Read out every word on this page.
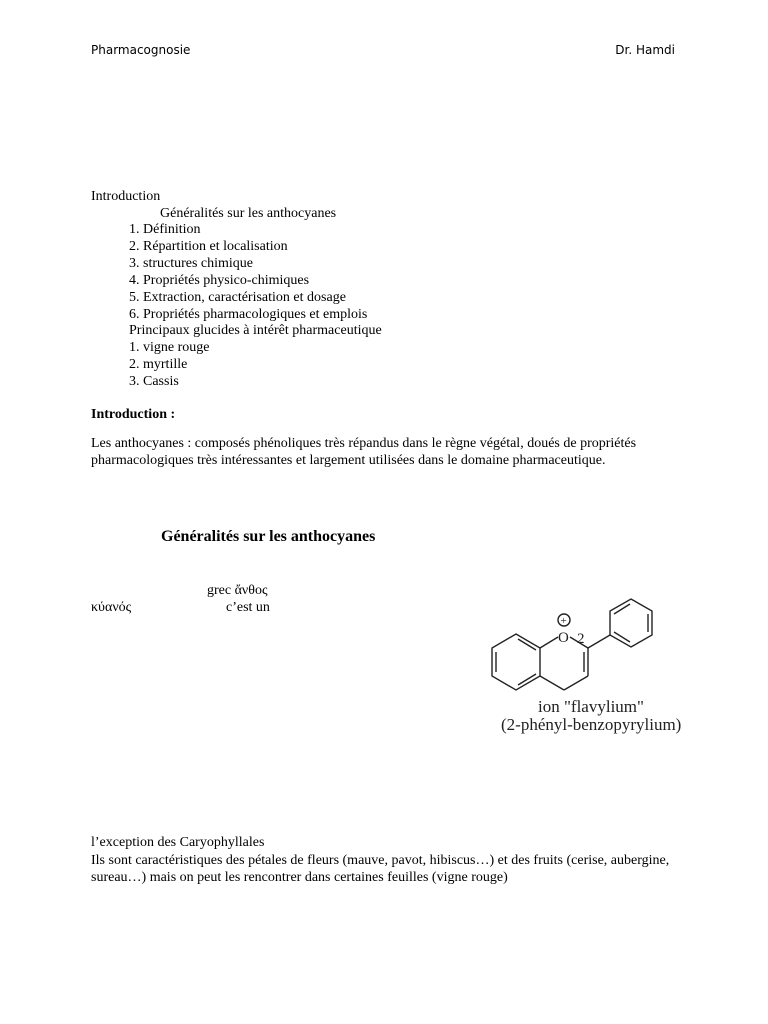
Pharmacognosie	Dr. Hamdi
Introduction
Généralités sur les anthocyanes
1. Définition
2. Répartition et localisation
3. structures chimique
4. Propriétés physico-chimiques
5. Extraction, caractérisation et dosage
6. Propriétés pharmacologiques et emplois
Principaux glucides à intérêt pharmaceutique
1. vigne rouge
2. myrtille
3. Cassis
Introduction :
Les anthocyanes : composés phénoliques très répandus dans le règne végétal, doués de propriétés pharmacologiques très intéressantes et largement utilisées dans le domaine pharmaceutique.
Généralités sur les anthocyanes
grec ἄνθος
κύανός	c’est un
+
O 2
ion "flavylium"
(2-phényl-benzopyrylium)
l’exception des Caryophyllales
Ils sont caractéristiques des pétales de fleurs (mauve, pavot, hibiscus…) et des fruits (cerise, aubergine, sureau…) mais on peut les rencontrer dans certaines feuilles (vigne rouge)
